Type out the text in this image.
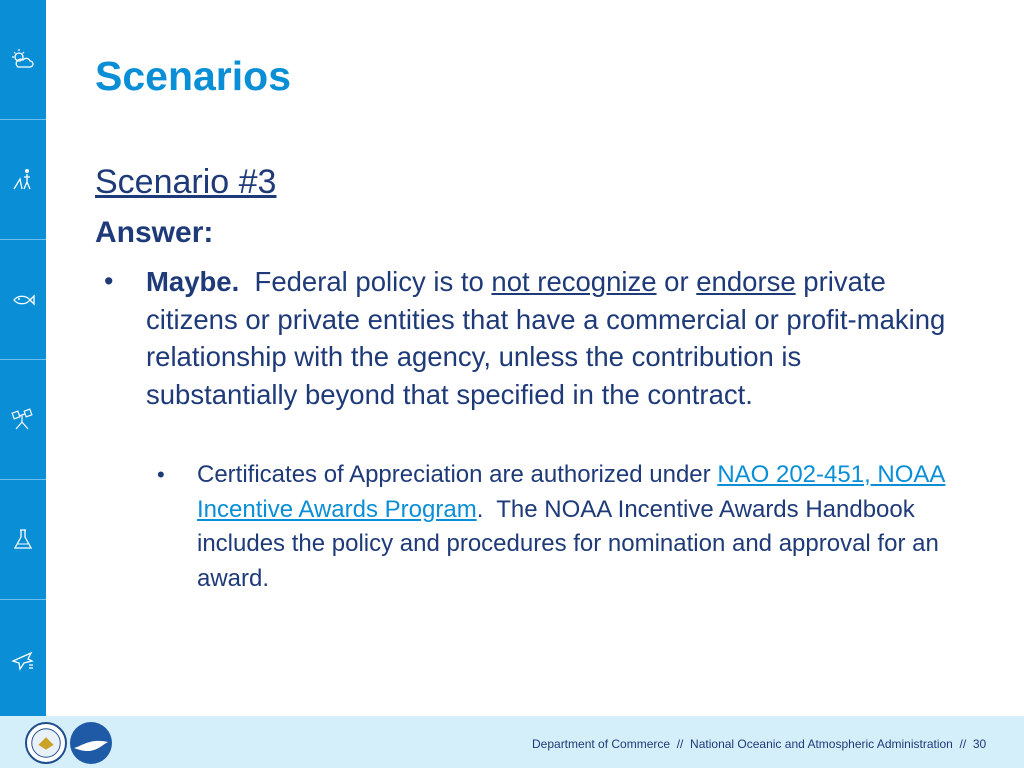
Scenarios
Scenario #3
Answer:
• Maybe.  Federal policy is to not recognize or endorse private citizens or private entities that have a commercial or profit-making relationship with the agency, unless the contribution is substantially beyond that specified in the contract.
• Certificates of Appreciation are authorized under NAO 202-451, NOAA Incentive Awards Program.  The NOAA Incentive Awards Handbook includes the policy and procedures for nomination and approval for an award.
Department of Commerce  //  National Oceanic and Atmospheric Administration  //  30
